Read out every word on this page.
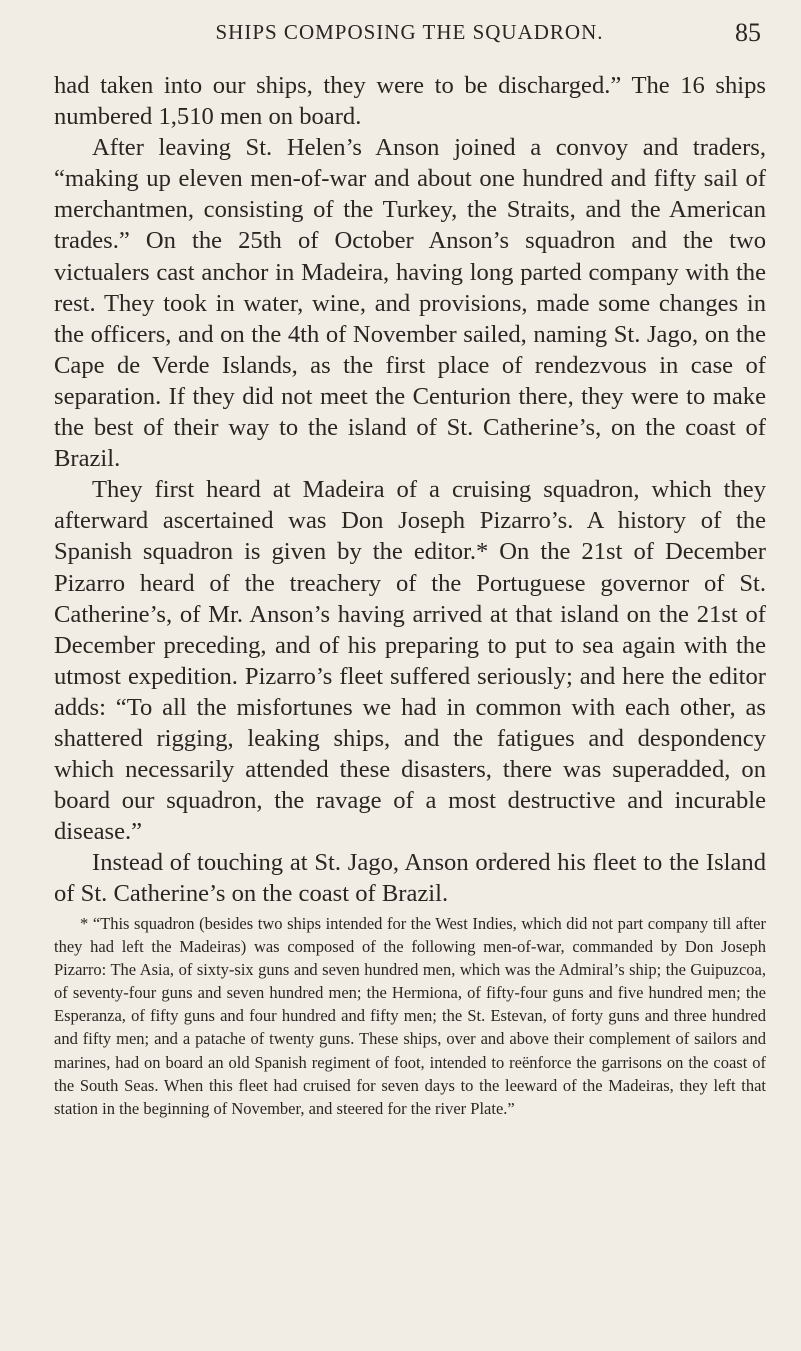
SHIPS COMPOSING THE SQUADRON.	85

had taken into our ships, they were to be discharged.” The 16 ships numbered 1,510 men on board.

After leaving St. Helen’s Anson joined a convoy and traders, “making up eleven men-of-war and about one hundred and fifty sail of merchantmen, consisting of the Turkey, the Straits, and the American trades.” On the 25th of October Anson’s squadron and the two victualers cast anchor in Madeira, having long parted company with the rest. They took in water, wine, and provisions, made some changes in the officers, and on the 4th of November sailed, naming St. Jago, on the Cape de Verde Islands, as the first place of rendezvous in case of separation. If they did not meet the Centurion there, they were to make the best of their way to the island of St. Catherine’s, on the coast of Brazil.

They first heard at Madeira of a cruising squadron, which they afterward ascertained was Don Joseph Pizarro’s. A history of the Spanish squadron is given by the editor.* On the 21st of December Pizarro heard of the treachery of the Portuguese governor of St. Catherine’s, of Mr. Anson’s having arrived at that island on the 21st of December preceding, and of his preparing to put to sea again with the utmost expedition. Pizarro’s fleet suffered seriously; and here the editor adds: “To all the misfortunes we had in common with each other, as shattered rigging, leaking ships, and the fatigues and despondency which necessarily attended these disasters, there was superadded, on board our squadron, the ravage of a most destructive and incurable disease.”

Instead of touching at St. Jago, Anson ordered his fleet to the Island of St. Catherine’s on the coast of Brazil.

* “This squadron (besides two ships intended for the West Indies, which did not part company till after they had left the Madeiras) was composed of the following men-of-war, commanded by Don Joseph Pizarro: The Asia, of sixty-six guns and seven hundred men, which was the Admiral’s ship; the Guipuzcoa, of seventy-four guns and seven hundred men; the Hermiona, of fifty-four guns and five hundred men; the Esperanza, of fifty guns and four hundred and fifty men; the St. Estevan, of forty guns and three hundred and fifty men; and a patache of twenty guns. These ships, over and above their complement of sailors and marines, had on board an old Spanish regiment of foot, intended to reënforce the garrisons on the coast of the South Seas. When this fleet had cruised for seven days to the leeward of the Madeiras, they left that station in the beginning of November, and steered for the river Plate.”
